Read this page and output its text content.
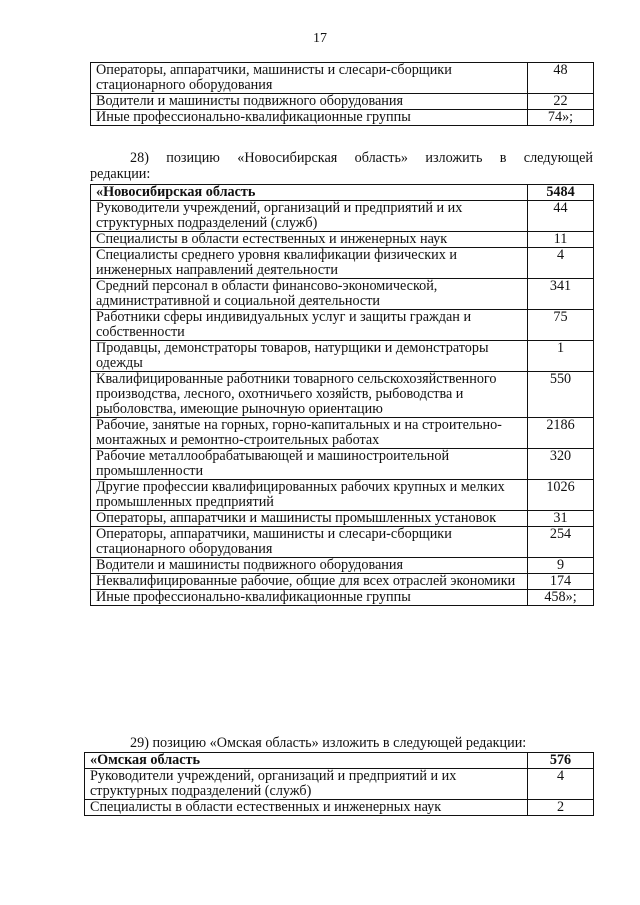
17
Операторы, аппаратчики, машинисты и слесари-сборщики стационарного оборудования	48
Водители и машинисты подвижного оборудования	22
Иные профессионально-квалификационные группы	74»;
28) позицию «Новосибирская область» изложить в следующей
редакции:
«Новосибирская область	5484
Руководители учреждений, организаций и предприятий и их структурных подразделений (служб)	44
Специалисты в области естественных и инженерных наук	11
Специалисты среднего уровня квалификации физических и инженерных направлений деятельности	4
Средний персонал в области финансово-экономической, административной и социальной деятельности	341
Работники сферы индивидуальных услуг и защиты граждан и собственности	75
Продавцы, демонстраторы товаров, натурщики и демонстраторы одежды	1
Квалифицированные работники товарного сельскохозяйственного производства, лесного, охотничьего хозяйств, рыбоводства и рыболовства, имеющие рыночную ориентацию	550
Рабочие, занятые на горных, горно-капитальных и на строительно-монтажных и ремонтно-строительных работах	2186
Рабочие металлообрабатывающей и машиностроительной промышленности	320
Другие профессии квалифицированных рабочих крупных и мелких промышленных предприятий	1026
Операторы, аппаратчики и машинисты промышленных установок	31
Операторы, аппаратчики, машинисты и слесари-сборщики стационарного оборудования	254
Водители и машинисты подвижного оборудования	9
Неквалифицированные рабочие, общие для всех отраслей экономики	174
Иные профессионально-квалификационные группы	458»;
29) позицию «Омская область» изложить в следующей редакции:
«Омская область	576
Руководители учреждений, организаций и предприятий и их структурных подразделений (служб)	4
Специалисты в области естественных и инженерных наук	2
